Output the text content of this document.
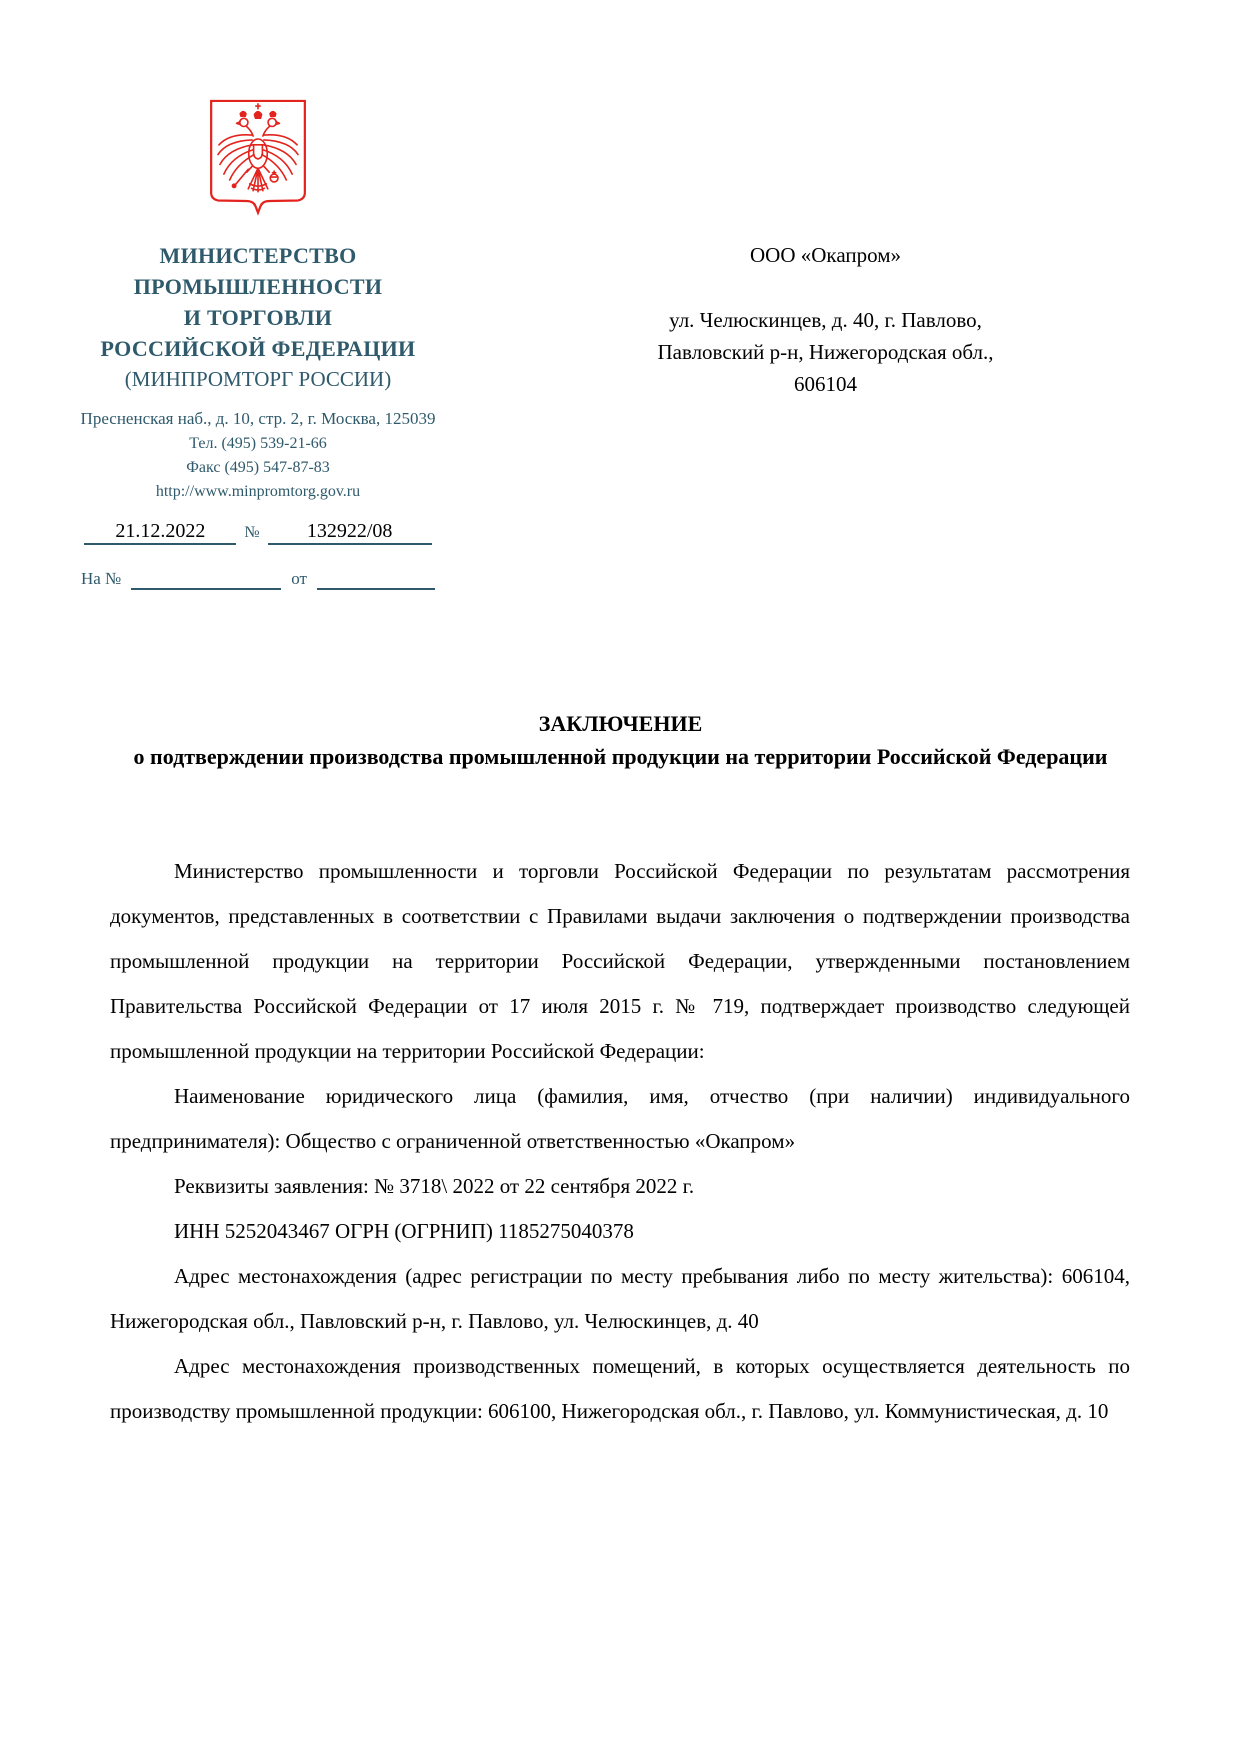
МИНИСТЕРСТВО
ПРОМЫШЛЕННОСТИ
И ТОРГОВЛИ
РОССИЙСКОЙ ФЕДЕРАЦИИ
(МИНПРОМТОРГ РОССИИ)
Пресненская наб., д. 10, стр. 2, г. Москва, 125039
Тел. (495) 539-21-66
Факс (495) 547-87-83
http://www.minpromtorg.gov.ru
21.12.2022	№	132922/08
На №	от
ООО «Окапром»
ул. Челюскинцев, д. 40, г. Павлово,
Павловский р-н, Нижегородская обл.,
606104
ЗАКЛЮЧЕНИЕ
о подтверждении производства промышленной продукции на территории Российской Федерации

Министерство промышленности и торговли Российской Федерации по результатам рассмотрения документов, представленных в соответствии с Правилами выдачи заключения о подтверждении производства промышленной продукции на территории Российской Федерации, утвержденными постановлением Правительства Российской Федерации от 17 июля 2015 г. № 719, подтверждает производство следующей промышленной продукции на территории Российской Федерации:

Наименование юридического лица (фамилия, имя, отчество (при наличии) индивидуального предпринимателя): Общество с ограниченной ответственностью «Окапром»

Реквизиты заявления: № 3718\ 2022 от 22 сентября 2022 г.

ИНН 5252043467 ОГРН (ОГРНИП) 1185275040378

Адрес местонахождения (адрес регистрации по месту пребывания либо по месту жительства): 606104, Нижегородская обл., Павловский р-н, г. Павлово, ул. Челюскинцев, д. 40

Адрес местонахождения производственных помещений, в которых осуществляется деятельность по производству промышленной продукции: 606100, Нижегородская обл., г. Павлово, ул. Коммунистическая, д. 10
